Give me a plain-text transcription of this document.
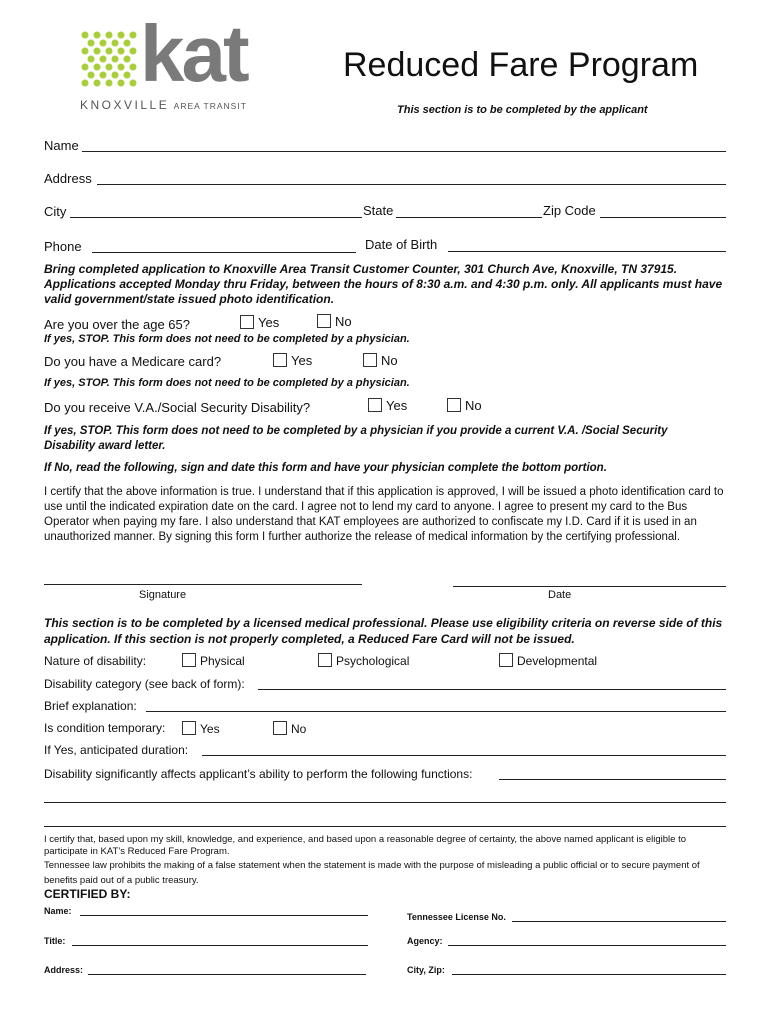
kat
KNOXVILLE AREA TRANSIT
Reduced Fare Program
This section is to be completed by the applicant
Name
Address
City	State	Zip Code
Phone	Date of Birth
Bring completed application to Knoxville Area Transit Customer Counter, 301 Church Ave, Knoxville, TN 37915. Applications accepted Monday thru Friday, between the hours of 8:30 a.m. and 4:30 p.m. only. All applicants must have valid government/state issued photo identification.
Are you over the age 65?	Yes	No
If yes, STOP. This form does not need to be completed by a physician.
Do you have a Medicare card?	Yes	No
If yes, STOP. This form does not need to be completed by a physician.
Do you receive V.A./Social Security Disability?	Yes	No
If yes, STOP. This form does not need to be completed by a physician if you provide a current V.A. /Social Security Disability award letter.
If No, read the following, sign and date this form and have your physician complete the bottom portion.
I certify that the above information is true. I understand that if this application is approved, I will be issued a photo identification card to use until the indicated expiration date on the card. I agree not to lend my card to anyone. I agree to present my card to the Bus Operator when paying my fare. I also understand that KAT employees are authorized to confiscate my I.D. Card if it is used in an unauthorized manner. By signing this form I further authorize the release of medical information by the certifying professional.
Signature	Date
This section is to be completed by a licensed medical professional. Please use eligibility criteria on reverse side of this application. If this section is not properly completed, a Reduced Fare Card will not be issued.
Nature of disability:	Physical	Psychological	Developmental
Disability category (see back of form):
Brief explanation:
Is condition temporary:	Yes	No
If Yes, anticipated duration:
Disability significantly affects applicant’s ability to perform the following functions:
I certify that, based upon my skill, knowledge, and experience, and based upon a reasonable degree of certainty, the above named applicant is eligible to participate in KAT’s Reduced Fare Program.
Tennessee law prohibits the making of a false statement when the statement is made with the purpose of misleading a public official or to secure payment of benefits paid out of a public treasury.
CERTIFIED BY:
Name:
Tennessee License No.
Title:	Agency:
Address:	City, Zip:
